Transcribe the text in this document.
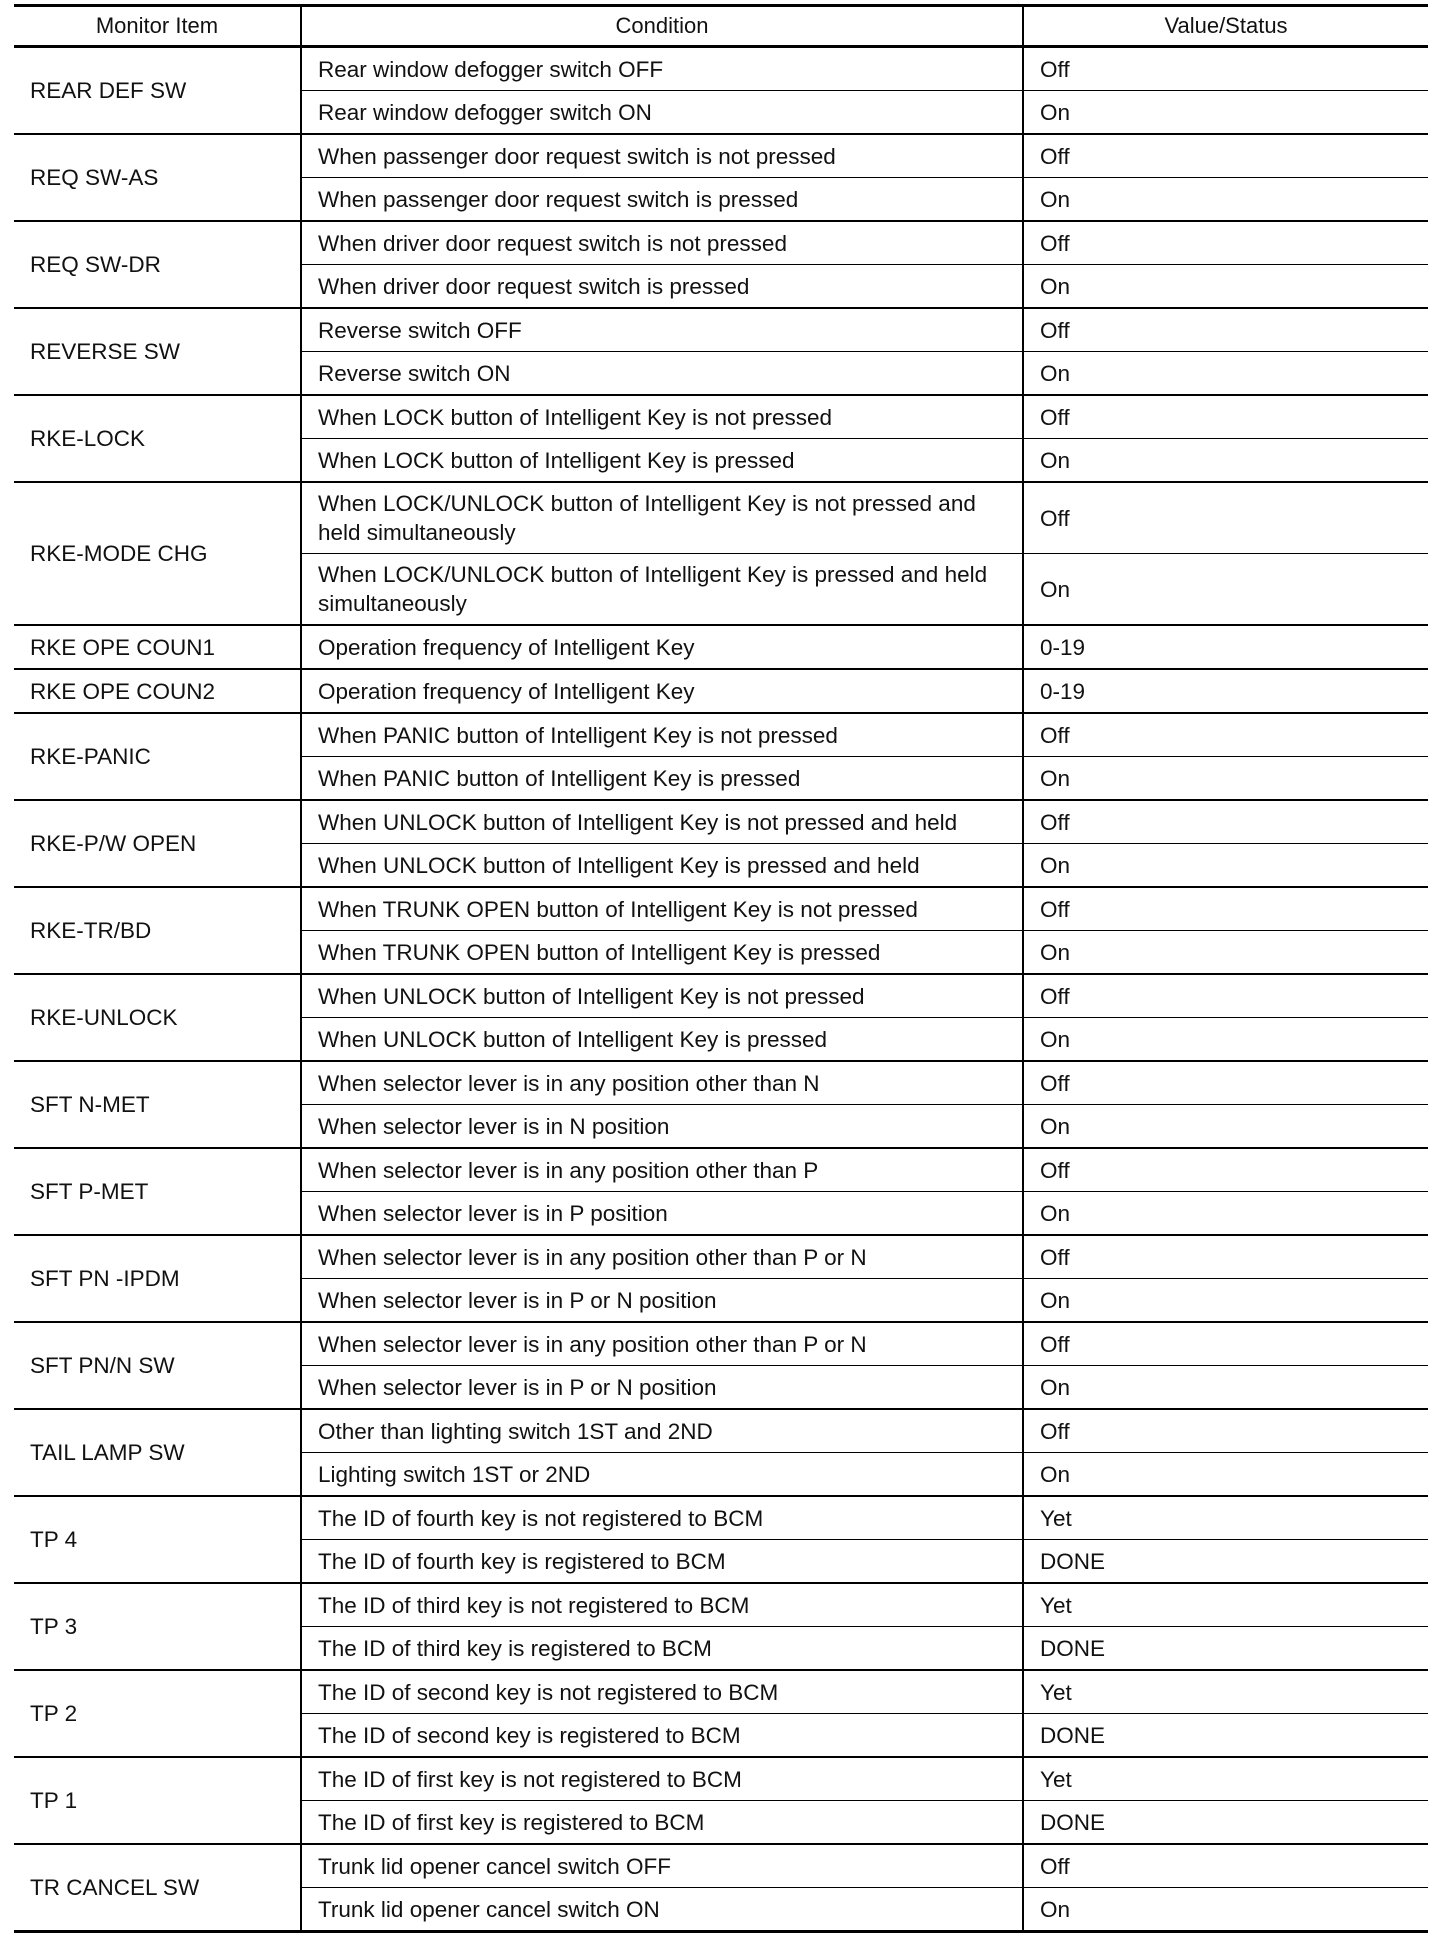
Monitor Item	Condition	Value/Status
REAR DEF SW	Rear window defogger switch OFF	Off
	Rear window defogger switch ON	On
REQ SW-AS	When passenger door request switch is not pressed	Off
	When passenger door request switch is pressed	On
REQ SW-DR	When driver door request switch is not pressed	Off
	When driver door request switch is pressed	On
REVERSE SW	Reverse switch OFF	Off
	Reverse switch ON	On
RKE-LOCK	When LOCK button of Intelligent Key is not pressed	Off
	When LOCK button of Intelligent Key is pressed	On
RKE-MODE CHG	When LOCK/UNLOCK button of Intelligent Key is not pressed and held simultaneously	Off
	When LOCK/UNLOCK button of Intelligent Key is pressed and held simultaneously	On
RKE OPE COUN1	Operation frequency of Intelligent Key	0-19
RKE OPE COUN2	Operation frequency of Intelligent Key	0-19
RKE-PANIC	When PANIC button of Intelligent Key is not pressed	Off
	When PANIC button of Intelligent Key is pressed	On
RKE-P/W OPEN	When UNLOCK button of Intelligent Key is not pressed and held	Off
	When UNLOCK button of Intelligent Key is pressed and held	On
RKE-TR/BD	When TRUNK OPEN button of Intelligent Key is not pressed	Off
	When TRUNK OPEN button of Intelligent Key is pressed	On
RKE-UNLOCK	When UNLOCK button of Intelligent Key is not pressed	Off
	When UNLOCK button of Intelligent Key is pressed	On
SFT N-MET	When selector lever is in any position other than N	Off
	When selector lever is in N position	On
SFT P-MET	When selector lever is in any position other than P	Off
	When selector lever is in P position	On
SFT PN -IPDM	When selector lever is in any position other than P or N	Off
	When selector lever is in P or N position	On
SFT PN/N SW	When selector lever is in any position other than P or N	Off
	When selector lever is in P or N position	On
TAIL LAMP SW	Other than lighting switch 1ST and 2ND	Off
	Lighting switch 1ST or 2ND	On
TP 4	The ID of fourth key is not registered to BCM	Yet
	The ID of fourth key is registered to BCM	DONE
TP 3	The ID of third key is not registered to BCM	Yet
	The ID of third key is registered to BCM	DONE
TP 2	The ID of second key is not registered to BCM	Yet
	The ID of second key is registered to BCM	DONE
TP 1	The ID of first key is not registered to BCM	Yet
	The ID of first key is registered to BCM	DONE
TR CANCEL SW	Trunk lid opener cancel switch OFF	Off
	Trunk lid opener cancel switch ON	On
